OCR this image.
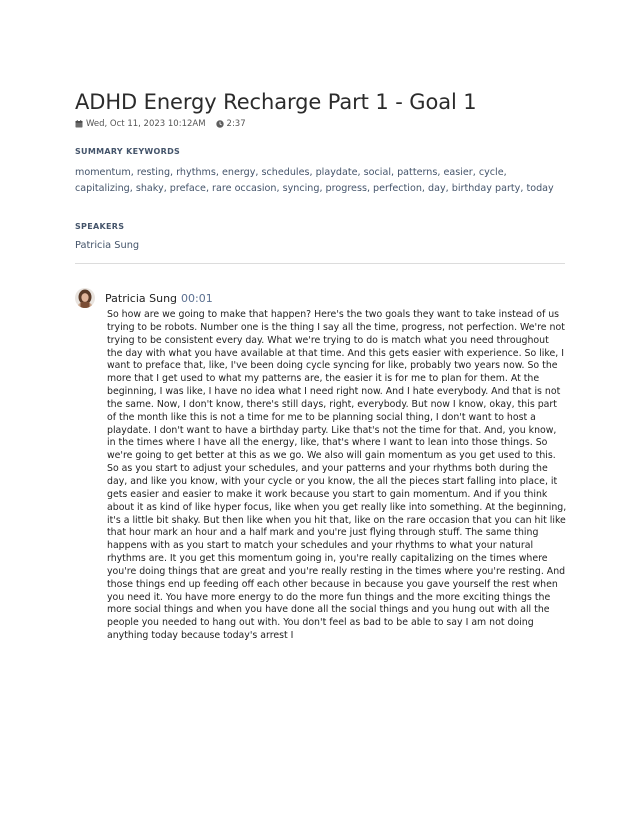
ADHD Energy Recharge Part 1 - Goal 1
Wed, Oct 11, 2023 10:12AM 2:37
SUMMARY KEYWORDS
momentum, resting, rhythms, energy, schedules, playdate, social, patterns, easier, cycle, capitalizing, shaky, preface, rare occasion, syncing, progress, perfection, day, birthday party, today
SPEAKERS
Patricia Sung
Patricia Sung 00:01

So how are we going to make that happen? Here's the two goals they want to take instead of us trying to be robots. Number one is the thing I say all the time, progress, not perfection. We're not trying to be consistent every day. What we're trying to do is match what you need throughout the day with what you have available at that time. And this gets easier with experience. So like, I want to preface that, like, I've been doing cycle syncing for like, probably two years now. So the more that I get used to what my patterns are, the easier it is for me to plan for them. At the beginning, I was like, I have no idea what I need right now. And I hate everybody. And that is not the same. Now, I don't know, there's still days, right, everybody. But now I know, okay, this part of the month like this is not a time for me to be planning social thing, I don't want to host a playdate. I don't want to have a birthday party. Like that's not the time for that. And, you know, in the times where I have all the energy, like, that's where I want to lean into those things. So we're going to get better at this as we go. We also will gain momentum as you get used to this. So as you start to adjust your schedules, and your patterns and your rhythms both during the day, and like you know, with your cycle or you know, the all the pieces start falling into place, it gets easier and easier to make it work because you start to gain momentum. And if you think about it as kind of like hyper focus, like when you get really like into something. At the beginning, it's a little bit shaky. But then like when you hit that, like on the rare occasion that you can hit like that hour mark an hour and a half mark and you're just flying through stuff. The same thing happens with as you start to match your schedules and your rhythms to what your natural rhythms are. It you get this momentum going in, you're really capitalizing on the times where you're doing things that are great and you're really resting in the times where you're resting. And those things end up feeding off each other because in because you gave yourself the rest when you need it. You have more energy to do the more fun things and the more exciting things the more social things and when you have done all the social things and you hung out with all the people you needed to hang out with. You don't feel as bad to be able to say I am not doing anything today because today's arrest I
